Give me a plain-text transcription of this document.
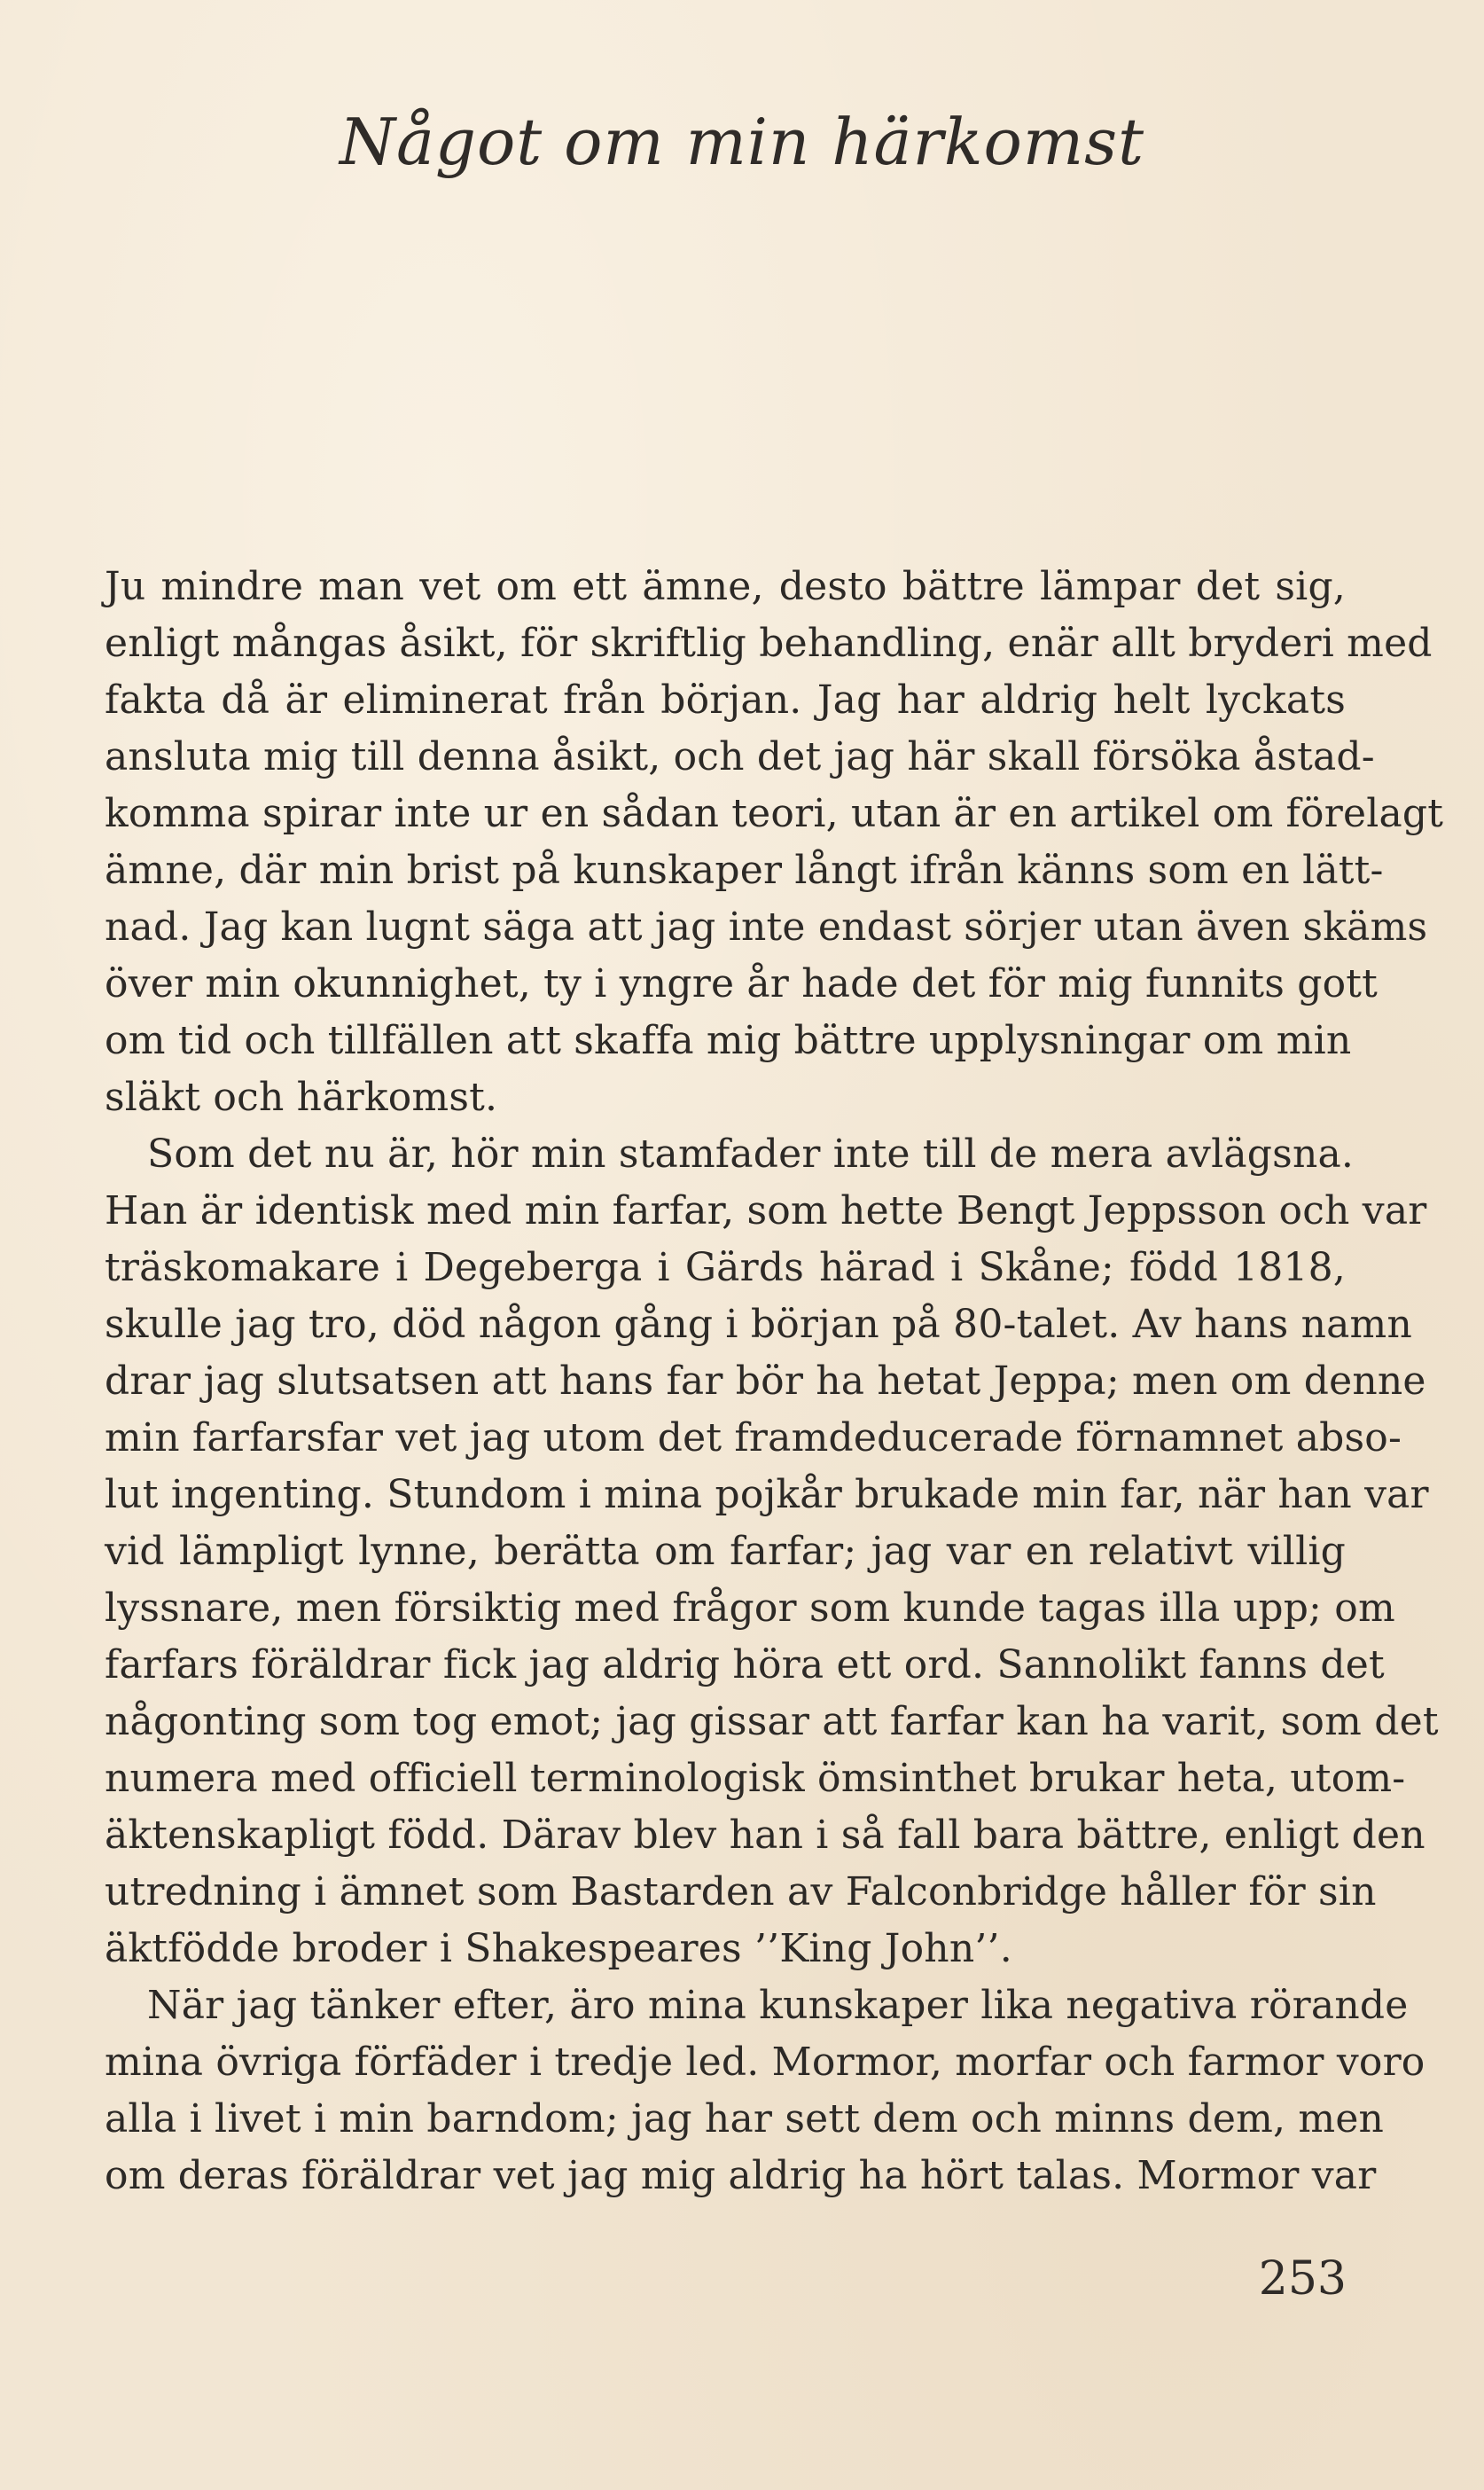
Något om min härkomst
Ju mindre man vet om ett ämne, desto bättre lämpar det sig,
enligt mångas åsikt, för skriftlig behandling, enär allt bryderi med
fakta då är eliminerat från början. Jag har aldrig helt lyckats
ansluta mig till denna åsikt, och det jag här skall försöka åstad-
komma spirar inte ur en sådan teori, utan är en artikel om förelagt
ämne, där min brist på kunskaper långt ifrån känns som en lätt-
nad. Jag kan lugnt säga att jag inte endast sörjer utan även skäms
över min okunnighet, ty i yngre år hade det för mig funnits gott
om tid och tillfällen att skaffa mig bättre upplysningar om min
släkt och härkomst.
Som det nu är, hör min stamfader inte till de mera avlägsna.
Han är identisk med min farfar, som hette Bengt Jeppsson och var
träskomakare i Degeberga i Gärds härad i Skåne; född 1818,
skulle jag tro, död någon gång i början på 80-talet. Av hans namn
drar jag slutsatsen att hans far bör ha hetat Jeppa; men om denne
min farfarsfar vet jag utom det framdeducerade förnamnet abso-
lut ingenting. Stundom i mina pojkår brukade min far, när han var
vid lämpligt lynne, berätta om farfar; jag var en relativt villig
lyssnare, men försiktig med frågor som kunde tagas illa upp; om
farfars föräldrar fick jag aldrig höra ett ord. Sannolikt fanns det
någonting som tog emot; jag gissar att farfar kan ha varit, som det
numera med officiell terminologisk ömsinthet brukar heta, utom-
äktenskapligt född. Därav blev han i så fall bara bättre, enligt den
utredning i ämnet som Bastarden av Falconbridge håller för sin
äktfödde broder i Shakespeares ’’King John’’.
När jag tänker efter, äro mina kunskaper lika negativa rörande
mina övriga förfäder i tredje led. Mormor, morfar och farmor voro
alla i livet i min barndom; jag har sett dem och minns dem, men
om deras föräldrar vet jag mig aldrig ha hört talas. Mormor var
253
